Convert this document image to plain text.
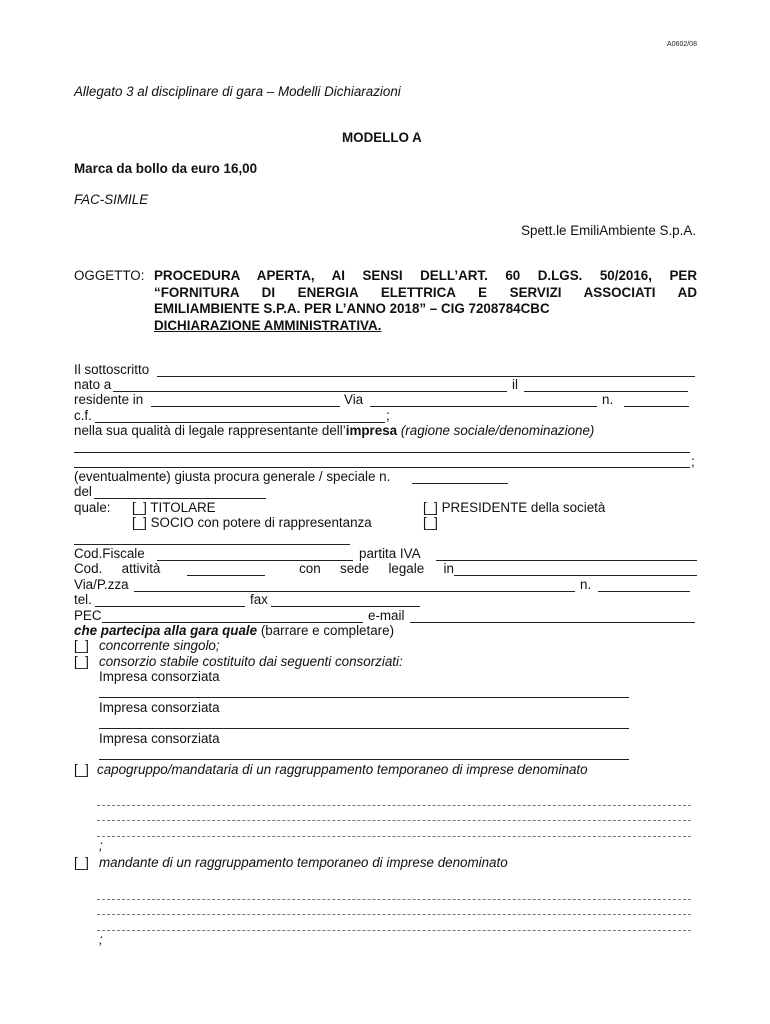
A0602/08
Allegato 3 al disciplinare di gara – Modelli Dichiarazioni
MODELLO A
Marca da bollo da euro 16,00
FAC-SIMILE
Spett.le EmiliAmbiente S.p.A.
OGGETTO: PROCEDURA APERTA, AI SENSI DELL’ART. 60 D.LGS. 50/2016, PER
“FORNITURA DI ENERGIA ELETTRICA E SERVIZI ASSOCIATI AD
EMILIAMBIENTE S.P.A. PER L’ANNO 2018” – CIG 7208784CBC
DICHIARAZIONE AMMINISTRATIVA.
Il sottoscritto
nato a	il
residente in	Via	n.
c.f.	;
nella sua qualità di legale rappresentante dell’impresa (ragione sociale/denominazione)
;
(eventualmente) giusta procura generale / speciale n.
del
quale: [_] TITOLARE	[_] PRESIDENTE della società
[_] SOCIO con potere di rappresentanza	[_]
Cod.Fiscale	partita IVA
Cod. attività	con sede legale in
Via/P.zza	n.
tel.	fax
PEC	e-mail
che partecipa alla gara quale (barrare e completare)
[_] concorrente singolo;
[_] consorzio stabile costituito dai seguenti consorziati:
Impresa consorziata
Impresa consorziata
Impresa consorziata
[_] capogruppo/mandataria di un raggruppamento temporaneo di imprese denominato
;
[_] mandante di un raggruppamento temporaneo di imprese denominato
;
